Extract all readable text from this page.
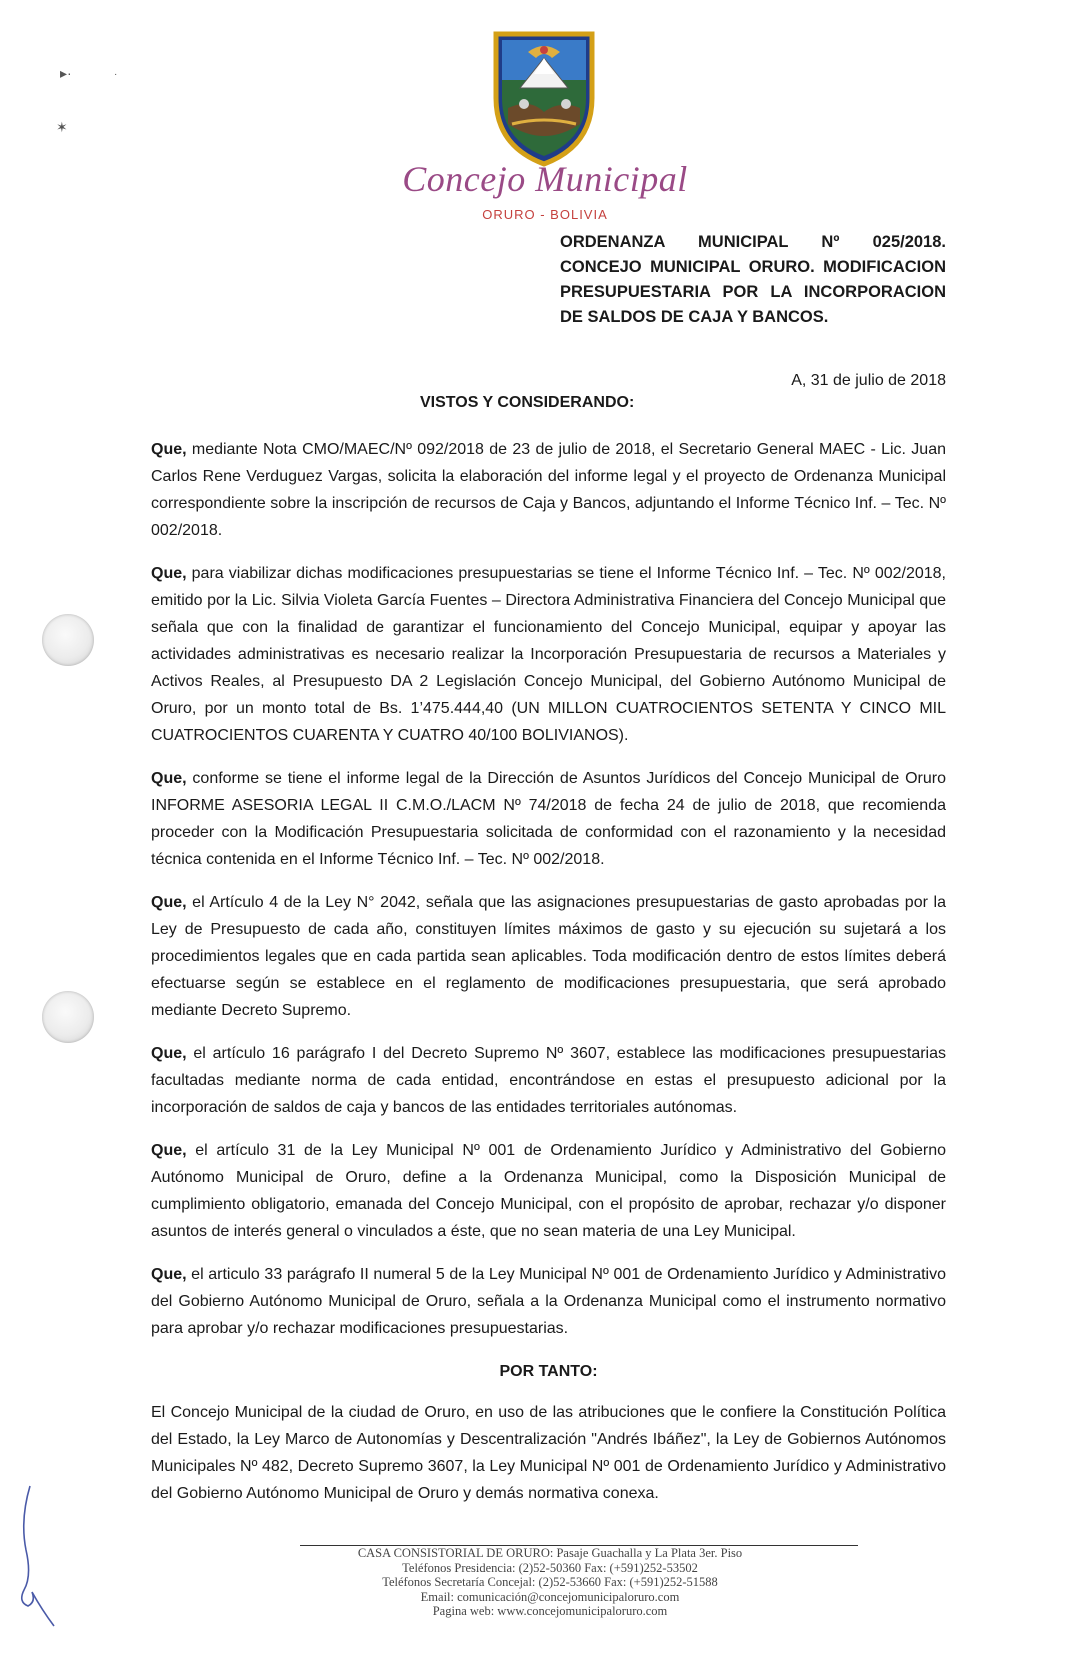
▸·	·
✶
Concejo Municipal
ORURO - BOLIVIA
ORDENANZA MUNICIPAL Nº 025/2018. CONCEJO MUNICIPAL ORURO. MODIFICACION PRESUPUESTARIA POR LA INCORPORACION DE SALDOS DE CAJA Y BANCOS.
A, 31 de julio de 2018
VISTOS Y CONSIDERANDO:

Que, mediante Nota CMO/MAEC/Nº 092/2018 de 23 de julio de 2018, el Secretario General MAEC - Lic. Juan Carlos Rene Verduguez Vargas, solicita la elaboración del informe legal y el proyecto de Ordenanza Municipal correspondiente sobre la inscripción de recursos de Caja y Bancos, adjuntando el Informe Técnico Inf. – Tec. Nº 002/2018.

Que, para viabilizar dichas modificaciones presupuestarias se tiene el Informe Técnico Inf. – Tec. Nº 002/2018, emitido por la Lic. Silvia Violeta García Fuentes – Directora Administrativa Financiera del Concejo Municipal que señala que con la finalidad de garantizar el funcionamiento del Concejo Municipal, equipar y apoyar las actividades administrativas es necesario realizar la Incorporación Presupuestaria de recursos a Materiales y Activos Reales, al Presupuesto DA 2 Legislación Concejo Municipal, del Gobierno Autónomo Municipal de Oruro, por un monto total de Bs. 1’475.444,40 (UN MILLON CUATROCIENTOS SETENTA Y CINCO MIL CUATROCIENTOS CUARENTA Y CUATRO 40/100 BOLIVIANOS).

Que, conforme se tiene el informe legal de la Dirección de Asuntos Jurídicos del Concejo Municipal de Oruro INFORME ASESORIA LEGAL II C.M.O./LACM Nº 74/2018 de fecha 24 de julio de 2018, que recomienda proceder con la Modificación Presupuestaria solicitada de conformidad con el razonamiento y la necesidad técnica contenida en el Informe Técnico Inf. – Tec. Nº 002/2018.

Que, el Artículo 4 de la Ley N° 2042, señala que las asignaciones presupuestarias de gasto aprobadas por la Ley de Presupuesto de cada año, constituyen límites máximos de gasto y su ejecución su sujetará a los procedimientos legales que en cada partida sean aplicables. Toda modificación dentro de estos límites deberá efectuarse según se establece en el reglamento de modificaciones presupuestaria, que será aprobado mediante Decreto Supremo.

Que, el artículo 16 parágrafo I del Decreto Supremo Nº 3607, establece las modificaciones presupuestarias facultadas mediante norma de cada entidad, encontrándose en estas el presupuesto adicional por la incorporación de saldos de caja y bancos de las entidades territoriales autónomas.

Que, el artículo 31 de la Ley Municipal Nº 001 de Ordenamiento Jurídico y Administrativo del Gobierno Autónomo Municipal de Oruro, define a la Ordenanza Municipal, como la Disposición Municipal de cumplimiento obligatorio, emanada del Concejo Municipal, con el propósito de aprobar, rechazar y/o disponer asuntos de interés general o vinculados a éste, que no sean materia de una Ley Municipal.

Que, el articulo 33 parágrafo II numeral 5 de la Ley Municipal Nº 001 de Ordenamiento Jurídico y Administrativo del Gobierno Autónomo Municipal de Oruro, señala a la Ordenanza Municipal como el instrumento normativo para aprobar y/o rechazar modificaciones presupuestarias.

POR TANTO:

El Concejo Municipal de la ciudad de Oruro, en uso de las atribuciones que le confiere la Constitución Política del Estado, la Ley Marco de Autonomías y Descentralización "Andrés Ibáñez", la Ley de Gobiernos Autónomos Municipales Nº 482, Decreto Supremo 3607, la Ley Municipal Nº 001 de Ordenamiento Jurídico y Administrativo del Gobierno Autónomo Municipal de Oruro y demás normativa conexa.

CASA CONSISTORIAL DE ORURO: Pasaje Guachalla y La Plata 3er. Piso
Teléfonos Presidencia: (2)52-50360 Fax: (+591)252-53502
Teléfonos Secretaría Concejal: (2)52-53660 Fax: (+591)252-51588
Email: comunicación@concejomunicipaloruro.com
Pagina web: www.concejomunicipaloruro.com
